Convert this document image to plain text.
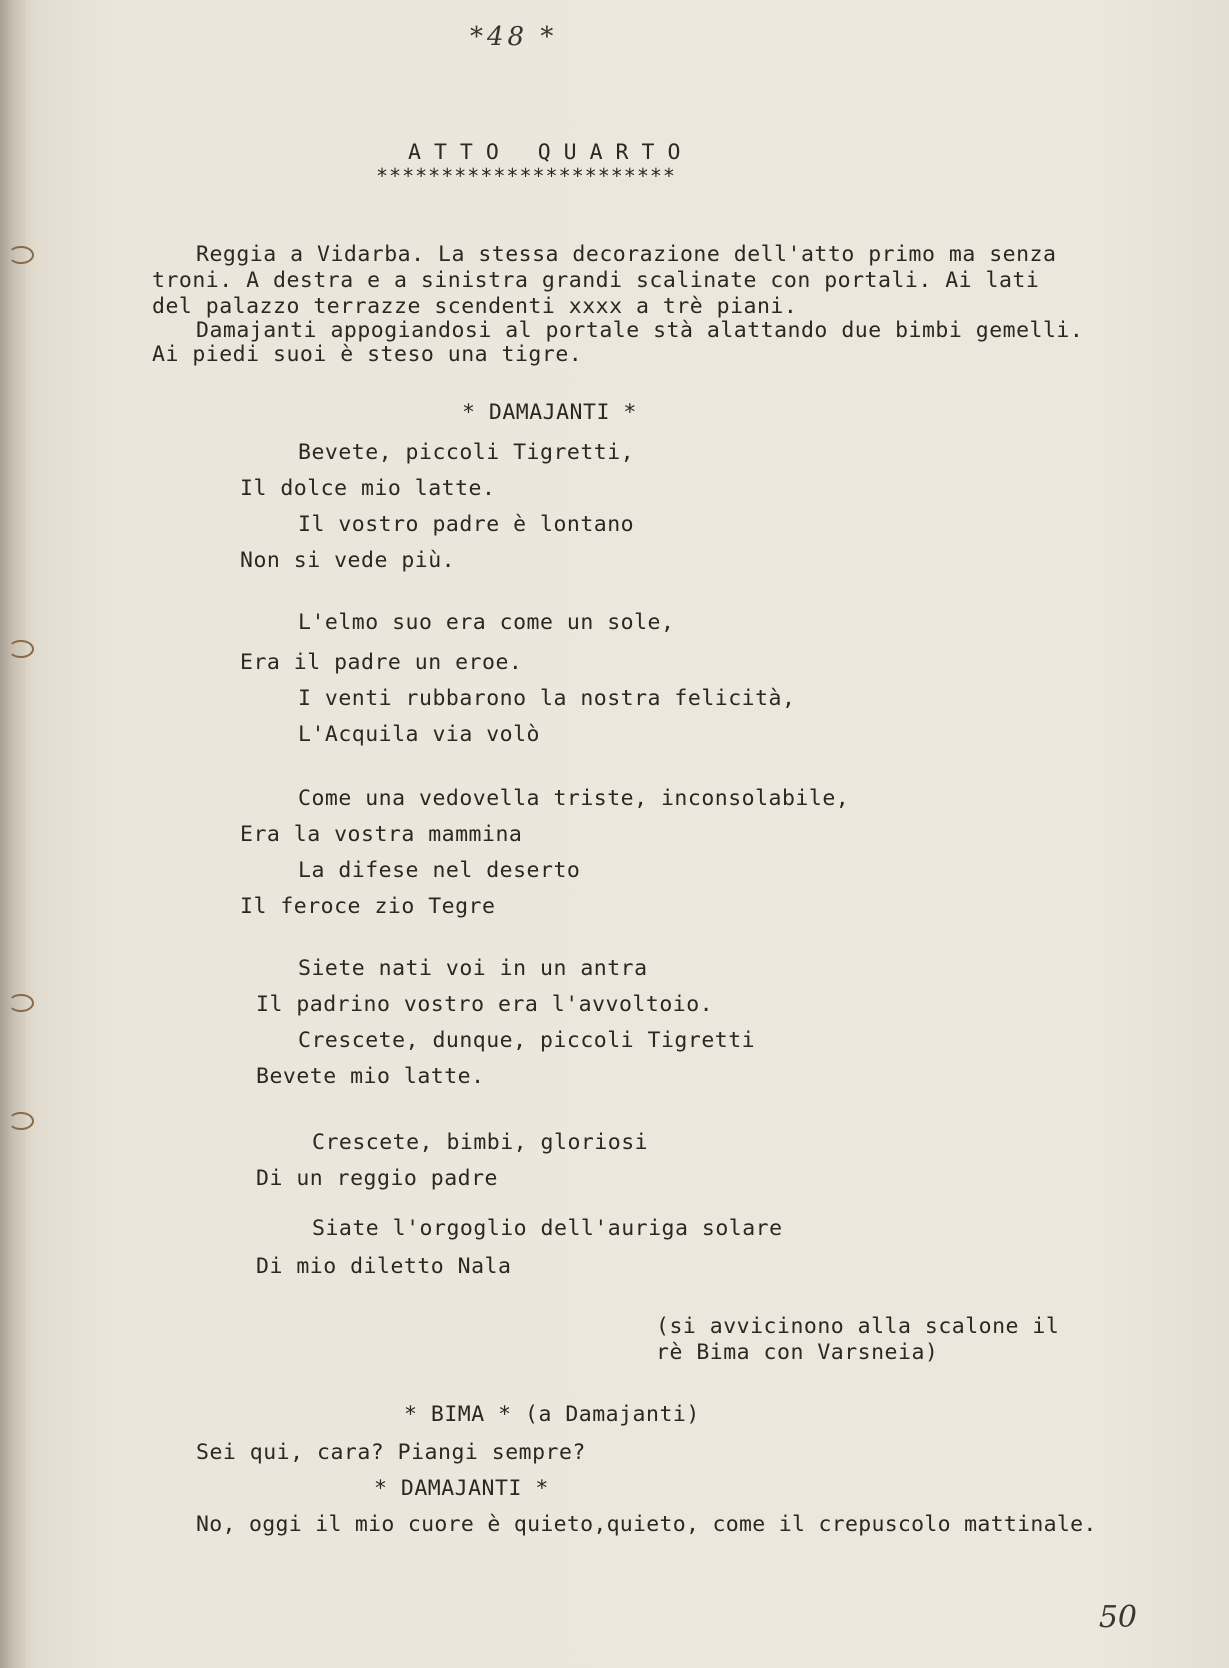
*48 *
ATTO QUARTO
***********************
Reggia a Vidarba. La stessa decorazione dell'atto primo ma senza
troni. A destra e a sinistra grandi scalinate con portali. Ai lati
del palazzo terrazze scendenti xxxx a trè piani.
Damajanti appogiandosi al portale stà alattando due bimbi gemelli.
Ai piedi suoi è steso una tigre.
* DAMAJANTI *
Bevete, piccoli Tigretti,
Il dolce mio latte.
Il vostro padre è lontano
Non si vede più.
L'elmo suo era come un sole,
Era il padre un eroe.
I venti rubbarono la nostra felicità,
L'Acquila via volò
Come una vedovella triste, inconsolabile,
Era la vostra mammina
La difese nel deserto
Il feroce zio Tegre
Siete nati voi in un antra
Il padrino vostro era l'avvoltoio.
Crescete, dunque, piccoli Tigretti
Bevete mio latte.
Crescete, bimbi, gloriosi
Di un reggio padre
Siate l'orgoglio dell'auriga solare
Di mio diletto Nala
(si avvicinono alla scalone il
rè Bima con Varsneia)
* BIMA * (a Damajanti)
Sei qui, cara? Piangi sempre?
* DAMAJANTI *
No, oggi il mio cuore è quieto,quieto, come il crepuscolo mattinale.
50
